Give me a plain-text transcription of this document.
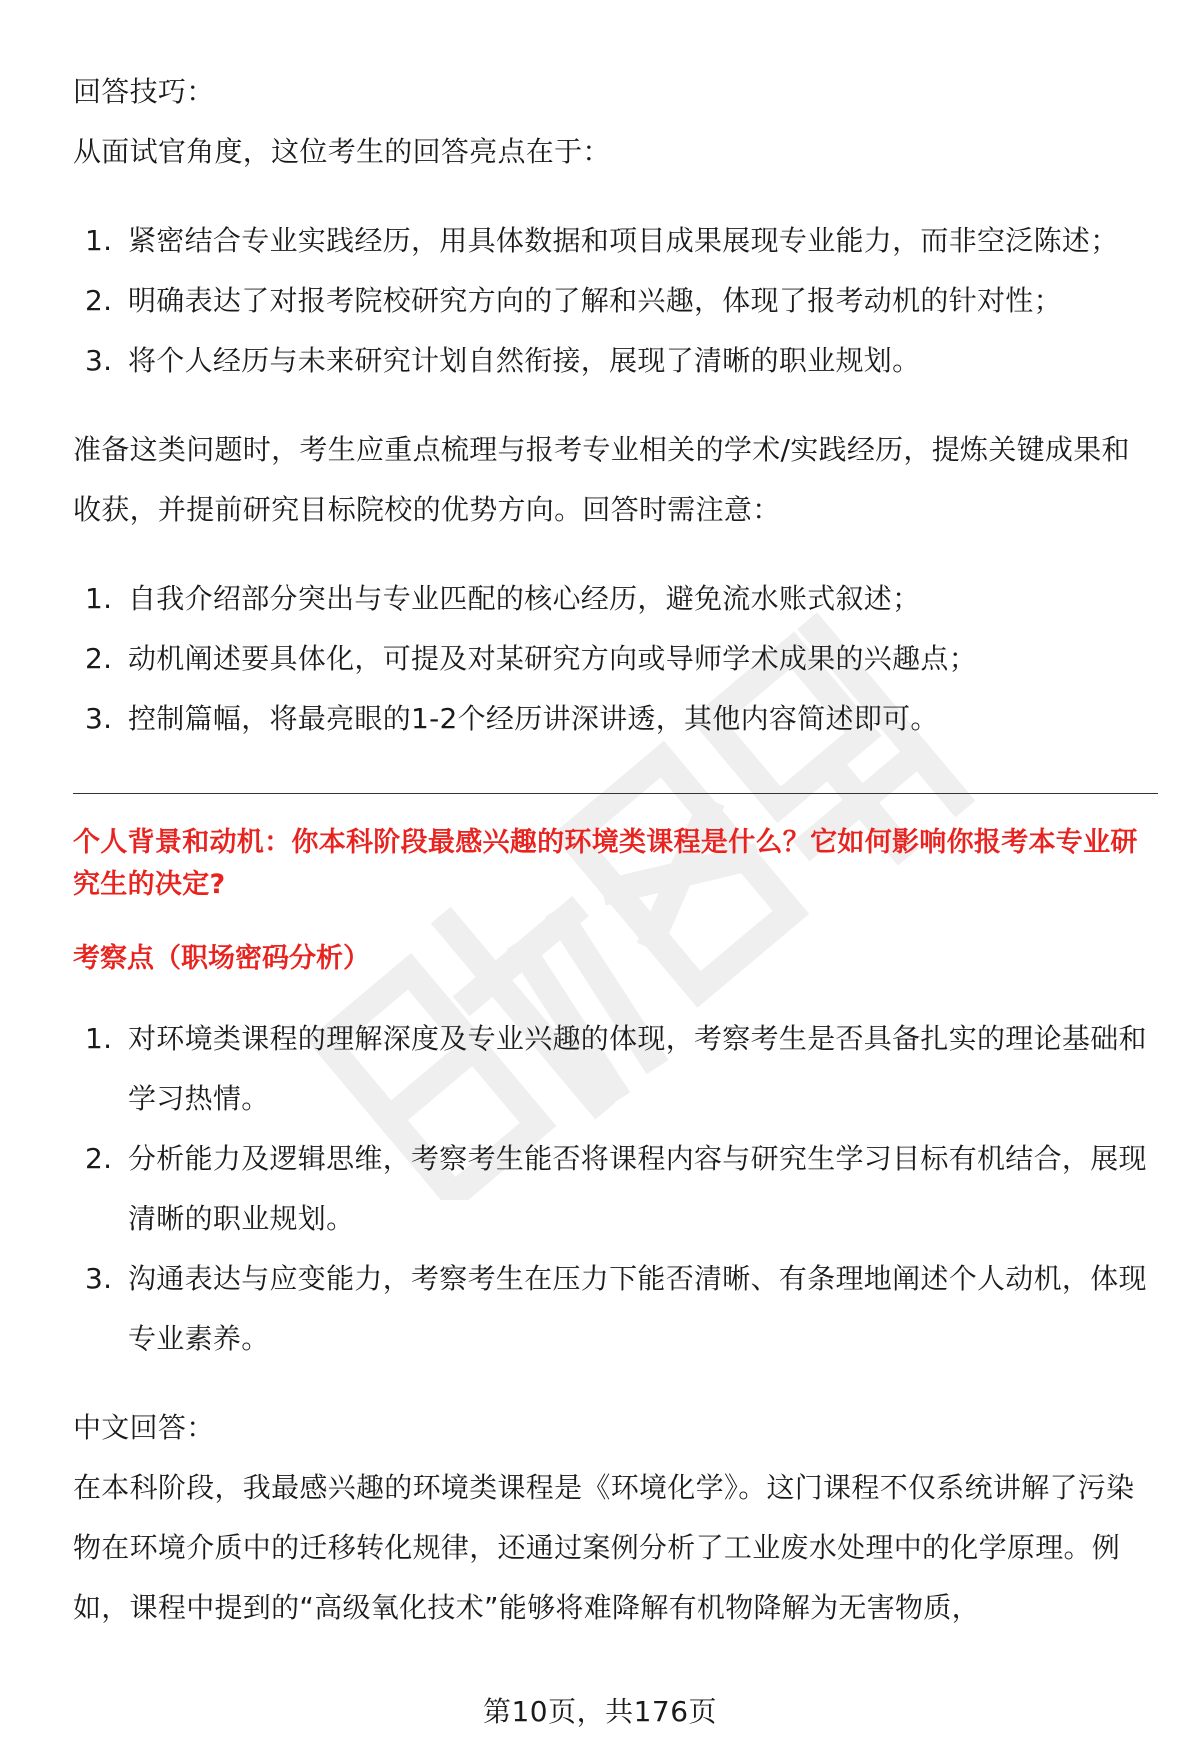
回答技巧：

从面试官角度，这位考生的回答亮点在于：

1. 紧密结合专业实践经历，用具体数据和项目成果展现专业能力，而非空泛陈述；
2. 明确表达了对报考院校研究方向的了解和兴趣，体现了报考动机的针对性；
3. 将个人经历与未来研究计划自然衔接，展现了清晰的职业规划。

准备这类问题时，考生应重点梳理与报考专业相关的学术/实践经历，提炼关键成果和收获，并提前研究目标院校的优势方向。回答时需注意：

1. 自我介绍部分突出与专业匹配的核心经历，避免流水账式叙述；
2. 动机阐述要具体化，可提及对某研究方向或导师学术成果的兴趣点；
3. 控制篇幅，将最亮眼的1-2个经历讲深讲透，其他内容简述即可。

个人背景和动机：你本科阶段最感兴趣的环境类课程是什么？它如何影响你报考本专业研究生的决定?

考察点（职场密码分析）

1. 对环境类课程的理解深度及专业兴趣的体现，考察考生是否具备扎实的理论基础和学习热情。
2. 分析能力及逻辑思维，考察考生能否将课程内容与研究生学习目标有机结合，展现清晰的职业规划。
3. 沟通表达与应变能力，考察考生在压力下能否清晰、有条理地阐述个人动机，体现专业素养。

中文回答：

在本科阶段，我最感兴趣的环境类课程是《环境化学》。这门课程不仅系统讲解了污染物在环境介质中的迁移转化规律，还通过案例分析了工业废水处理中的化学原理。例如，课程中提到的“高级氧化技术”能够将难降解有机物降解为无害物质，

第10页，共176页
